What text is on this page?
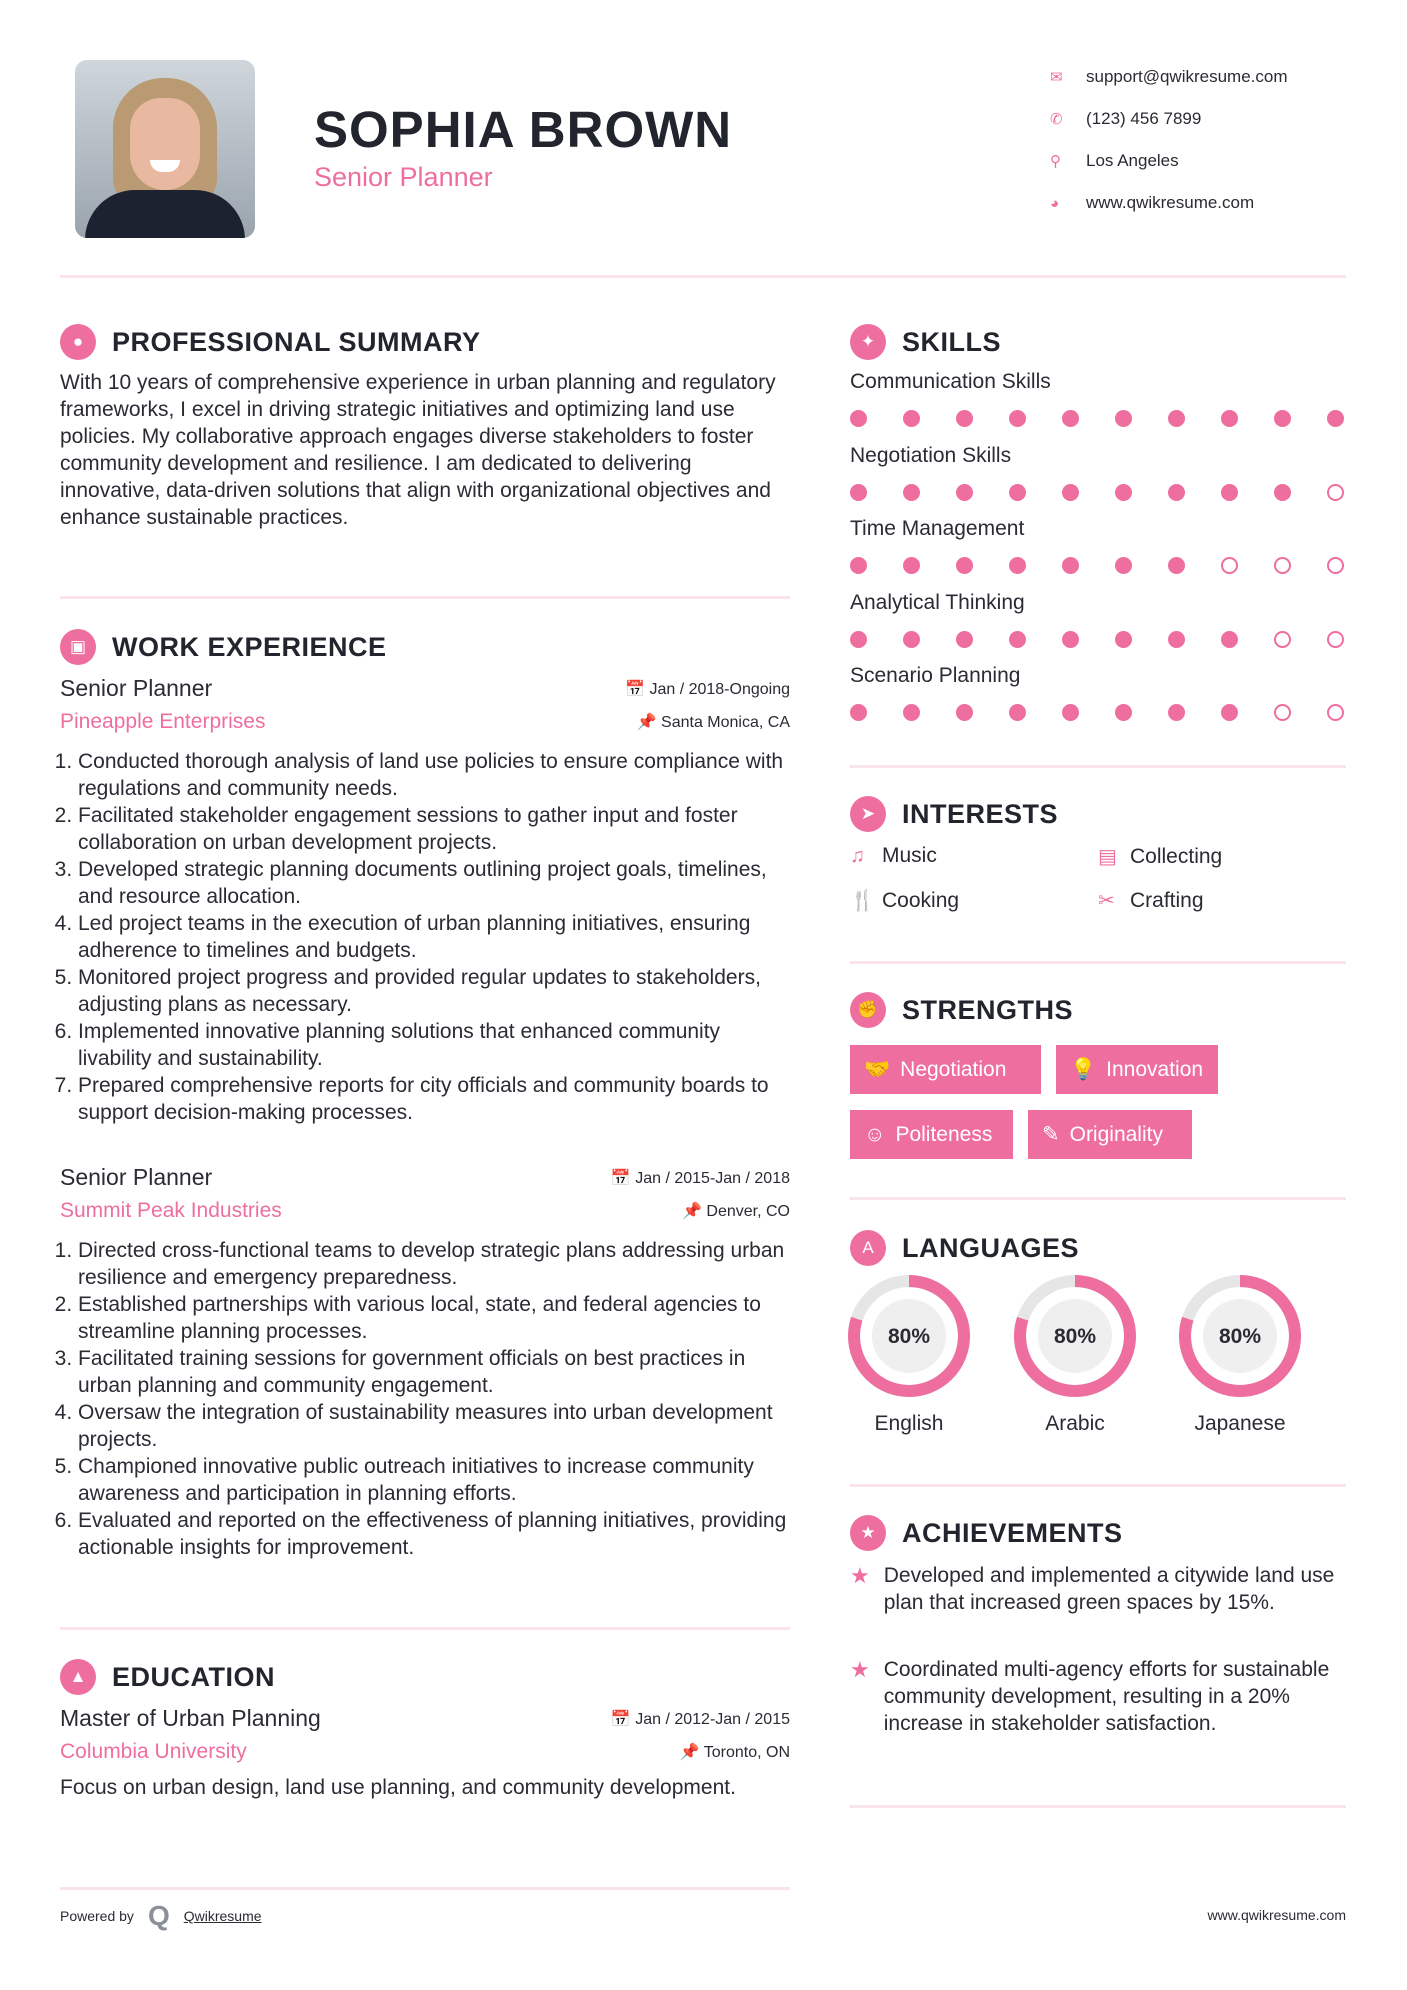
SOPHIA BROWN
Senior Planner
✉	support@qwikresume.com
✆	(123) 456 7899
⚲	Los Angeles
◕	www.qwikresume.com
●	PROFESSIONAL SUMMARY
With 10 years of comprehensive experience in urban planning and regulatory frameworks, I excel in driving strategic initiatives and optimizing land use policies. My collaborative approach engages diverse stakeholders to foster community development and resilience. I am dedicated to delivering innovative, data-driven solutions that align with organizational objectives and enhance sustainable practices.
▣ WORK EXPERIENCE
Senior Planner	📅 Jan / 2018-Ongoing
Pineapple Enterprises	📌 Santa Monica, CA
1. Conducted thorough analysis of land use policies to ensure compliance with regulations and community needs.
2. Facilitated stakeholder engagement sessions to gather input and foster collaboration on urban development projects.
3. Developed strategic planning documents outlining project goals, timelines, and resource allocation.
4. Led project teams in the execution of urban planning initiatives, ensuring adherence to timelines and budgets.
5. Monitored project progress and provided regular updates to stakeholders, adjusting plans as necessary.
6. Implemented innovative planning solutions that enhanced community livability and sustainability.
7. Prepared comprehensive reports for city officials and community boards to support decision-making processes.
Senior Planner	📅 Jan / 2015-Jan / 2018
Summit Peak Industries	📌 Denver, CO
1. Directed cross-functional teams to develop strategic plans addressing urban resilience and emergency preparedness.
2. Established partnerships with various local, state, and federal agencies to streamline planning processes.
3. Facilitated training sessions for government officials on best practices in urban planning and community engagement.
4. Oversaw the integration of sustainability measures into urban development projects.
5. Championed innovative public outreach initiatives to increase community awareness and participation in planning efforts.
6. Evaluated and reported on the effectiveness of planning initiatives, providing actionable insights for improvement.
▲ EDUCATION
Master of Urban Planning	📅 Jan / 2012-Jan / 2015
Columbia University	📌 Toronto, ON
Focus on urban design, land use planning, and community development.
Powered by Q Qwikresume	www.qwikresume.com
✦ SKILLS
Communication Skills
Negotiation Skills
Time Management
Analytical Thinking
Scenario Planning
➤ INTERESTS
♫ Music	▤ Collecting
🍴 Cooking	✂ Crafting
✊ STRENGTHS
🤝 Negotiation	💡 Innovation
☺ Politeness ✎ Originality
A	LANGUAGES
80%
English
80%
Arabic
80%
Japanese
★ ACHIEVEMENTS
★ Developed and implemented a citywide land use plan that increased green spaces by 15%.
★ Coordinated multi-agency efforts for sustainable community development, resulting in a 20% increase in stakeholder satisfaction.
